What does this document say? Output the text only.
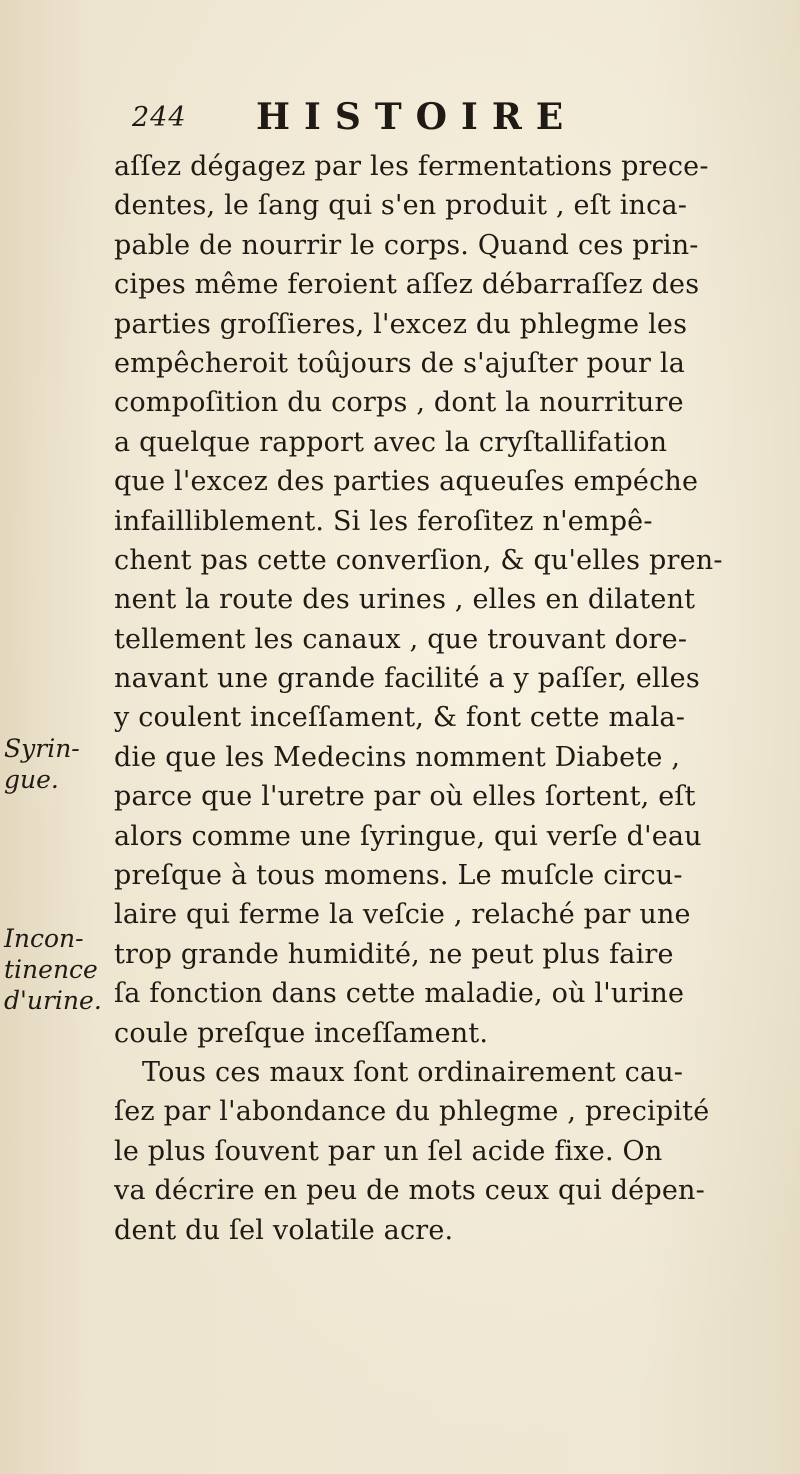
244 HISTOIRE
Syrin-
gue.
Incon-
tinence
d'urine.
aſſez dégagez par les fermentations prece-
dentes, le ſang qui s'en produit , eſt inca-
pable de nourrir le corps. Quand ces prin-
cipes même feroient aſſez débarraſſez des
parties groſſieres, l'excez du phlegme les
empêcheroit toûjours de s'ajuſter pour la
compoſition du corps , dont la nourriture
a quelque rapport avec la cryſtallifation
que l'excez des parties aqueuſes empéche
infailliblement. Si les feroſitez n'empê-
chent pas cette converſion, & qu'elles pren-
nent la route des urines , elles en dilatent
tellement les canaux , que trouvant dore-
navant une grande facilité a y paſſer, elles
y coulent inceſſament, & font cette mala-
die que les Medecins nomment Diabete ,
parce que l'uretre par où elles ſortent, eſt
alors comme une ſyringue, qui verſe d'eau
preſque à tous momens. Le muſcle circu-
laire qui ferme la veſcie , relaché par une
trop grande humidité, ne peut plus faire
ſa fonction dans cette maladie, où l'urine
coule preſque inceſſament.
Tous ces maux ſont ordinairement cau-
ſez par l'abondance du phlegme , precipité
le plus ſouvent par un ſel acide fixe. On
va décrire en peu de mots ceux qui dépen-
dent du ſel volatile acre.
